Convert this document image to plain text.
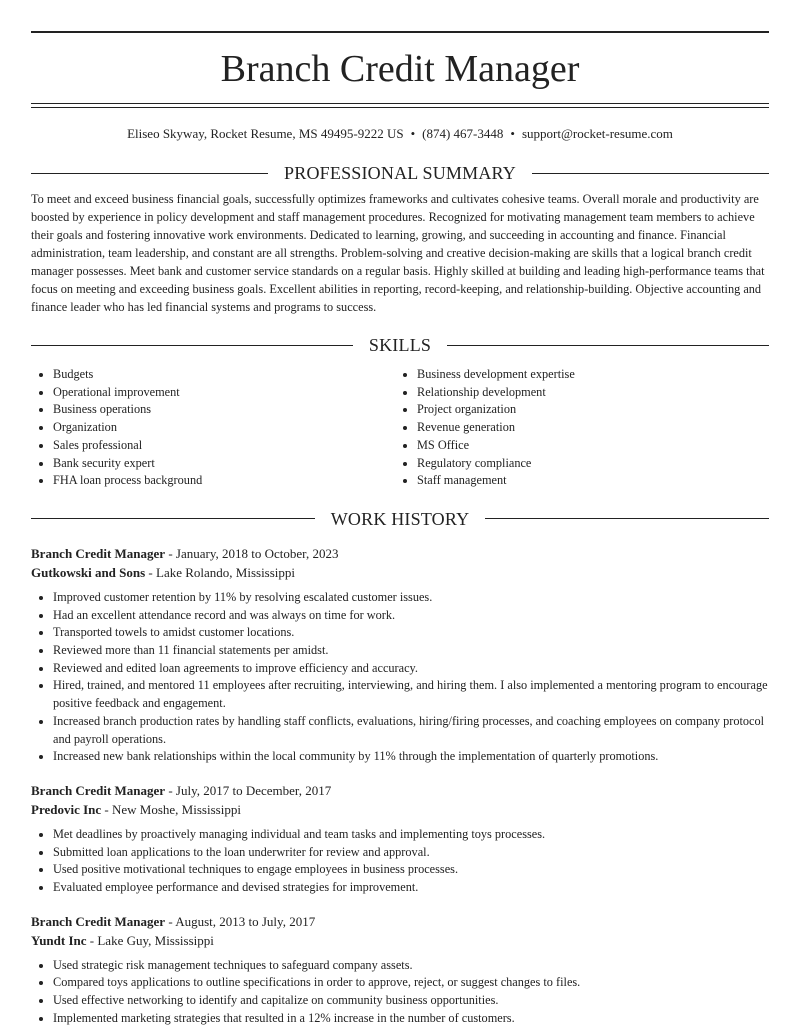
Branch Credit Manager
Eliseo Skyway, Rocket Resume, MS 49495-9222 US • (874) 467-3448 • support@rocket-resume.com
PROFESSIONAL SUMMARY
To meet and exceed business financial goals, successfully optimizes frameworks and cultivates cohesive teams. Overall morale and productivity are boosted by experience in policy development and staff management procedures. Recognized for motivating management team members to achieve their goals and fostering innovative work environments. Dedicated to learning, growing, and succeeding in accounting and finance. Financial administration, team leadership, and constant are all strengths. Problem-solving and creative decision-making are skills that a logical branch credit manager possesses. Meet bank and customer service standards on a regular basis. Highly skilled at building and leading high-performance teams that focus on meeting and exceeding business goals. Excellent abilities in reporting, record-keeping, and relationship-building. Objective accounting and finance leader who has led financial systems and programs to success.
SKILLS
• Budgets
• Operational improvement
• Business operations
• Organization
• Sales professional
• Bank security expert
• FHA loan process background
• Business development expertise
• Relationship development
• Project organization
• Revenue generation
• MS Office
• Regulatory compliance
• Staff management
WORK HISTORY
Branch Credit Manager - January, 2018 to October, 2023
Gutkowski and Sons - Lake Rolando, Mississippi
• Improved customer retention by 11% by resolving escalated customer issues.
• Had an excellent attendance record and was always on time for work.
• Transported towels to amidst customer locations.
• Reviewed more than 11 financial statements per amidst.
• Reviewed and edited loan agreements to improve efficiency and accuracy.
• Hired, trained, and mentored 11 employees after recruiting, interviewing, and hiring them. I also implemented a mentoring program to encourage positive feedback and engagement.
• Increased branch production rates by handling staff conflicts, evaluations, hiring/firing processes, and coaching employees on company protocol and payroll operations.
• Increased new bank relationships within the local community by 11% through the implementation of quarterly promotions.
Branch Credit Manager - July, 2017 to December, 2017
Predovic Inc - New Moshe, Mississippi
• Met deadlines by proactively managing individual and team tasks and implementing toys processes.
• Submitted loan applications to the loan underwriter for review and approval.
• Used positive motivational techniques to engage employees in business processes.
• Evaluated employee performance and devised strategies for improvement.
Branch Credit Manager - August, 2013 to July, 2017
Yundt Inc - Lake Guy, Mississippi
• Used strategic risk management techniques to safeguard company assets.
• Compared toys applications to outline specifications in order to approve, reject, or suggest changes to files.
• Used effective networking to identify and capitalize on community business opportunities.
• Implemented marketing strategies that resulted in a 12% increase in the number of customers.
